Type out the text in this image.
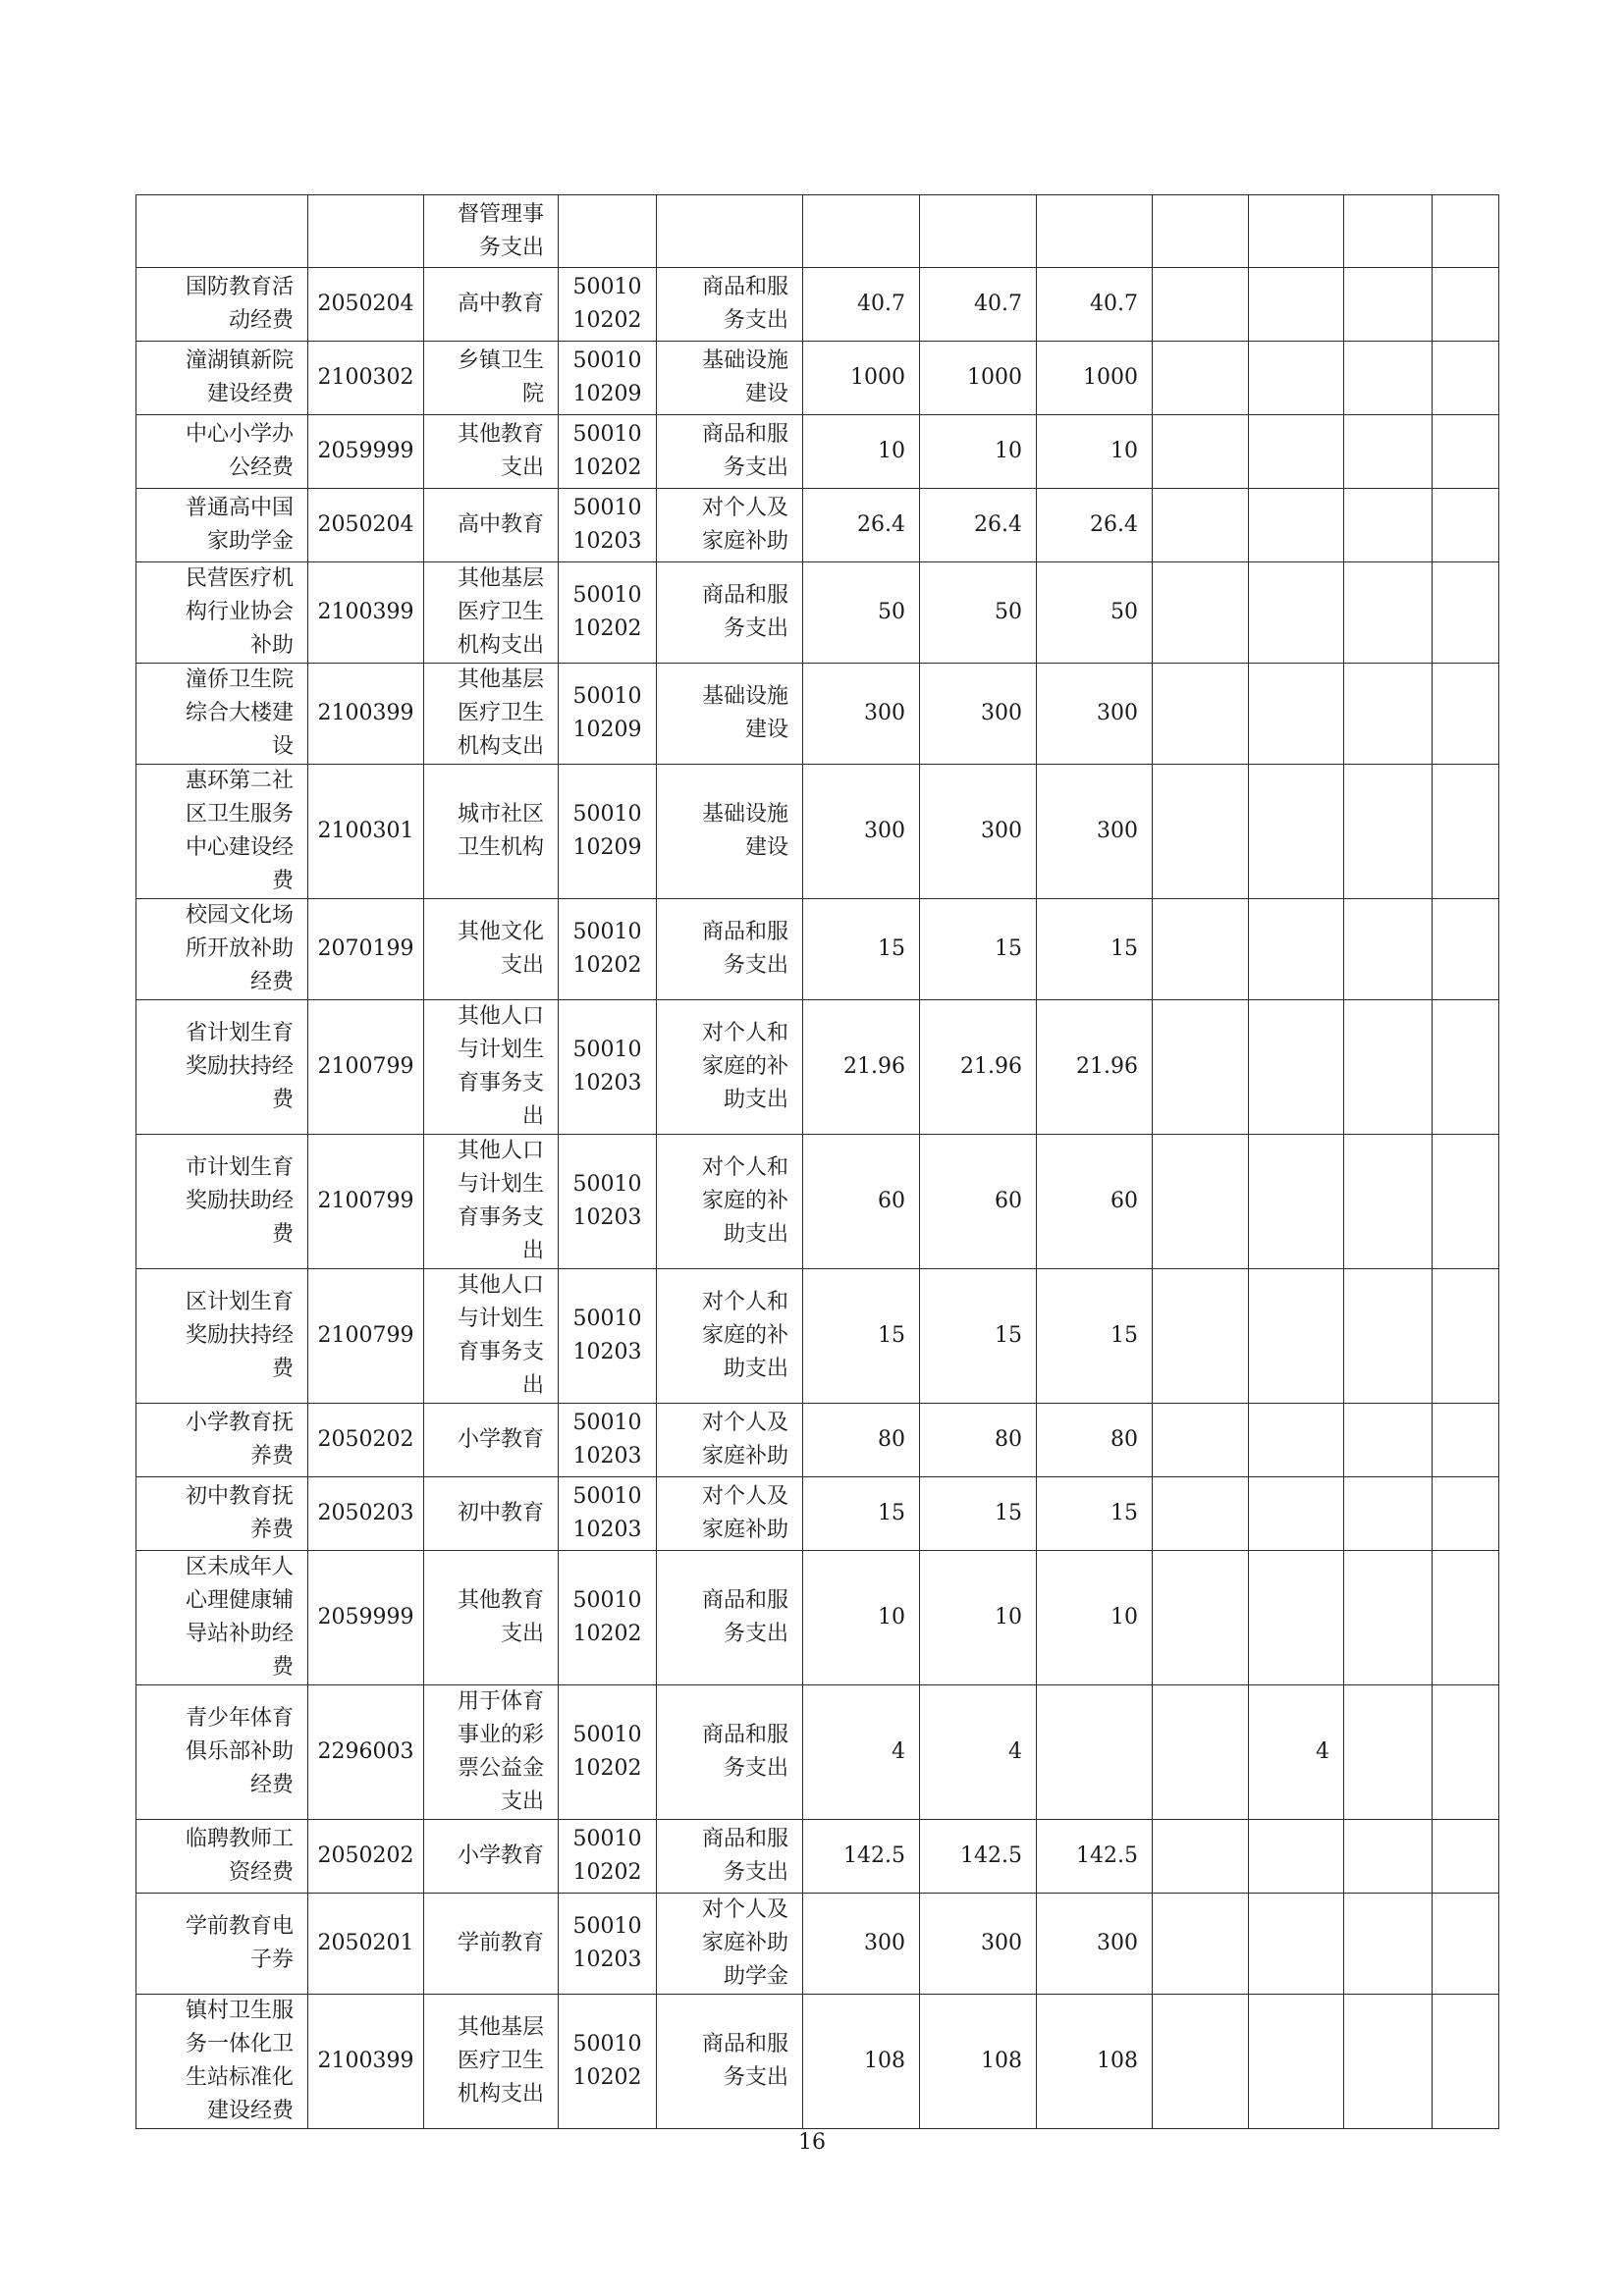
		督管理事
务支出									

国防教育活
动经费	2050204	高中教育	50010
10202	商品和服
务支出	40.7	40.7	40.7				

潼湖镇新院
建设经费	2100302	乡镇卫生
院	50010
10209	基础设施
建设	1000	1000	1000				

中心小学办
公经费	2059999	其他教育
支出	50010
10202	商品和服
务支出	10	10	10				

普通高中国
家助学金	2050204	高中教育	50010
10203	对个人及
家庭补助	26.4	26.4	26.4				

民营医疗机
构行业协会
补助	2100399	其他基层
医疗卫生
机构支出	50010
10202	商品和服
务支出	50	50	50				

潼侨卫生院
综合大楼建
设	2100399	其他基层
医疗卫生
机构支出	50010
10209	基础设施
建设	300	300	300				

惠环第二社
区卫生服务
中心建设经
费	2100301	城市社区
卫生机构	50010
10209	基础设施
建设	300	300	300				

校园文化场
所开放补助
经费	2070199	其他文化
支出	50010
10202	商品和服
务支出	15	15	15				

省计划生育
奖励扶持经
费	2100799	其他人口
与计划生
育事务支
出	50010
10203	对个人和
家庭的补
助支出	21.96	21.96	21.96				

市计划生育
奖励扶助经
费	2100799	其他人口
与计划生
育事务支
出	50010
10203	对个人和
家庭的补
助支出	60	60	60				

区计划生育
奖励扶持经
费	2100799	其他人口
与计划生
育事务支
出	50010
10203	对个人和
家庭的补
助支出	15	15	15				

小学教育抚
养费	2050202	小学教育	50010
10203	对个人及
家庭补助	80	80	80				

初中教育抚
养费	2050203	初中教育	50010
10203	对个人及
家庭补助	15	15	15				

区未成年人
心理健康辅
导站补助经
费	2059999	其他教育
支出	50010
10202	商品和服
务支出	10	10	10				

青少年体育
俱乐部补助
经费	2296003	用于体育
事业的彩
票公益金
支出	50010
10202	商品和服
务支出	4	4			4		

临聘教师工
资经费	2050202	小学教育	50010
10202	商品和服
务支出	142.5	142.5	142.5				

学前教育电
子券	2050201	学前教育	50010
10203	对个人及
家庭补助
助学金	300	300	300				

镇村卫生服
务一体化卫
生站标准化
建设经费	2100399	其他基层
医疗卫生
机构支出	50010
10202	商品和服
务支出	108	108	108				

16
